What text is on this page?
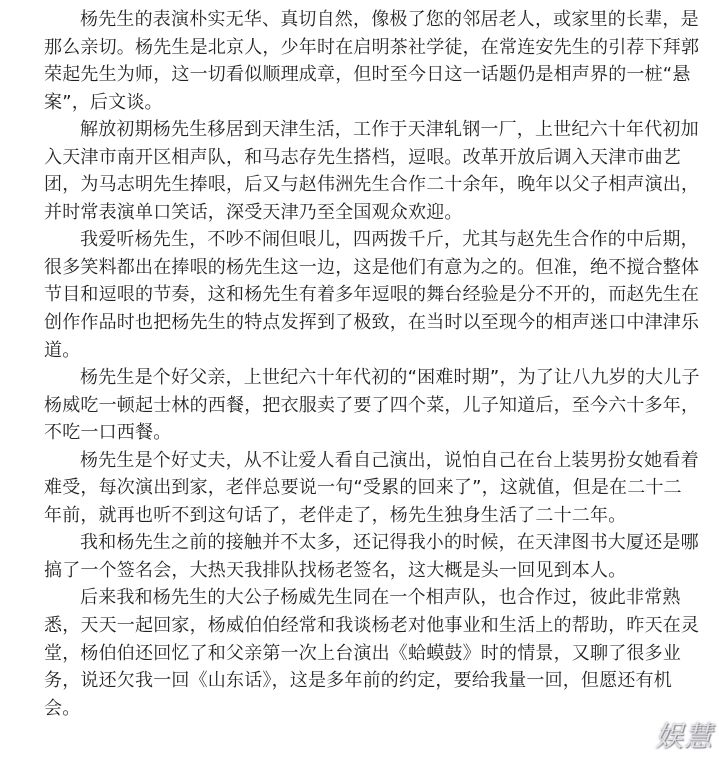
杨先生的表演朴实无华、真切自然，像极了您的邻居老人，或家里的长辈，是那么亲切。杨先生是北京人，少年时在启明茶社学徒，在常连安先生的引荐下拜郭荣起先生为师，这一切看似顺理成章，但时至今日这一话题仍是相声界的一桩“悬案”，后文谈。

解放初期杨先生移居到天津生活，工作于天津轧钢一厂，上世纪六十年代初加入天津市南开区相声队，和马志存先生搭档，逗哏。改革开放后调入天津市曲艺团，为马志明先生捧哏，后又与赵伟洲先生合作二十余年，晚年以父子相声演出，并时常表演单口笑话，深受天津乃至全国观众欢迎。

我爱听杨先生，不吵不闹但哏儿，四两拨千斤，尤其与赵先生合作的中后期，很多笑料都出在捧哏的杨先生这一边，这是他们有意为之的。但准，绝不搅合整体节目和逗哏的节奏，这和杨先生有着多年逗哏的舞台经验是分不开的，而赵先生在创作作品时也把杨先生的特点发挥到了极致，在当时以至现今的相声迷口中津津乐道。

杨先生是个好父亲，上世纪六十年代初的“困难时期”，为了让八九岁的大儿子杨威吃一顿起士林的西餐，把衣服卖了要了四个菜，儿子知道后，至今六十多年，不吃一口西餐。

杨先生是个好丈夫，从不让爱人看自己演出，说怕自己在台上装男扮女她看着难受，每次演出到家，老伴总要说一句“受累的回来了”，这就值，但是在二十二年前，就再也听不到这句话了，老伴走了，杨先生独身生活了二十二年。

我和杨先生之前的接触并不太多，还记得我小的时候，在天津图书大厦还是哪搞了一个签名会，大热天我排队找杨老签名，这大概是头一回见到本人。

后来我和杨先生的大公子杨威先生同在一个相声队，也合作过，彼此非常熟悉，天天一起回家，杨威伯伯经常和我谈杨老对他事业和生活上的帮助，昨天在灵堂，杨伯伯还回忆了和父亲第一次上台演出《蛤蟆鼓》时的情景，又聊了很多业务，说还欠我一回《山东话》，这是多年前的约定，要给我量一回，但愿还有机会。

娱慧
